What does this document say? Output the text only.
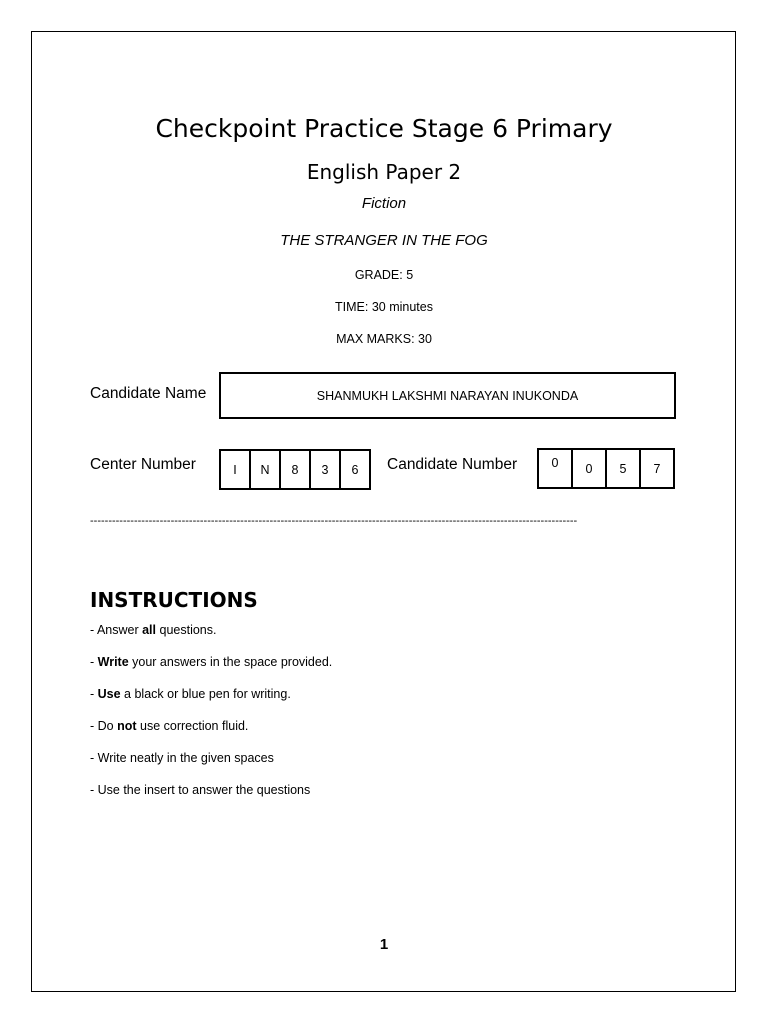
Checkpoint Practice Stage 6 Primary
English Paper 2
Fiction
THE STRANGER IN THE FOG
GRADE: 5
TIME: 30 minutes
MAX MARKS: 30
Candidate Name	SHANMUKH LAKSHMI NARAYAN INUKONDA
Center Number	I	N	8	3	6	Candidate Number	0	0	5	7
-------------------------------------------------------------------------------------------------------------------------------------
INSTRUCTIONS
- Answer all questions.
- Write your answers in the space provided.
- Use a black or blue pen for writing.
- Do not use correction fluid.
- Write neatly in the given spaces
- Use the insert to answer the questions
1
